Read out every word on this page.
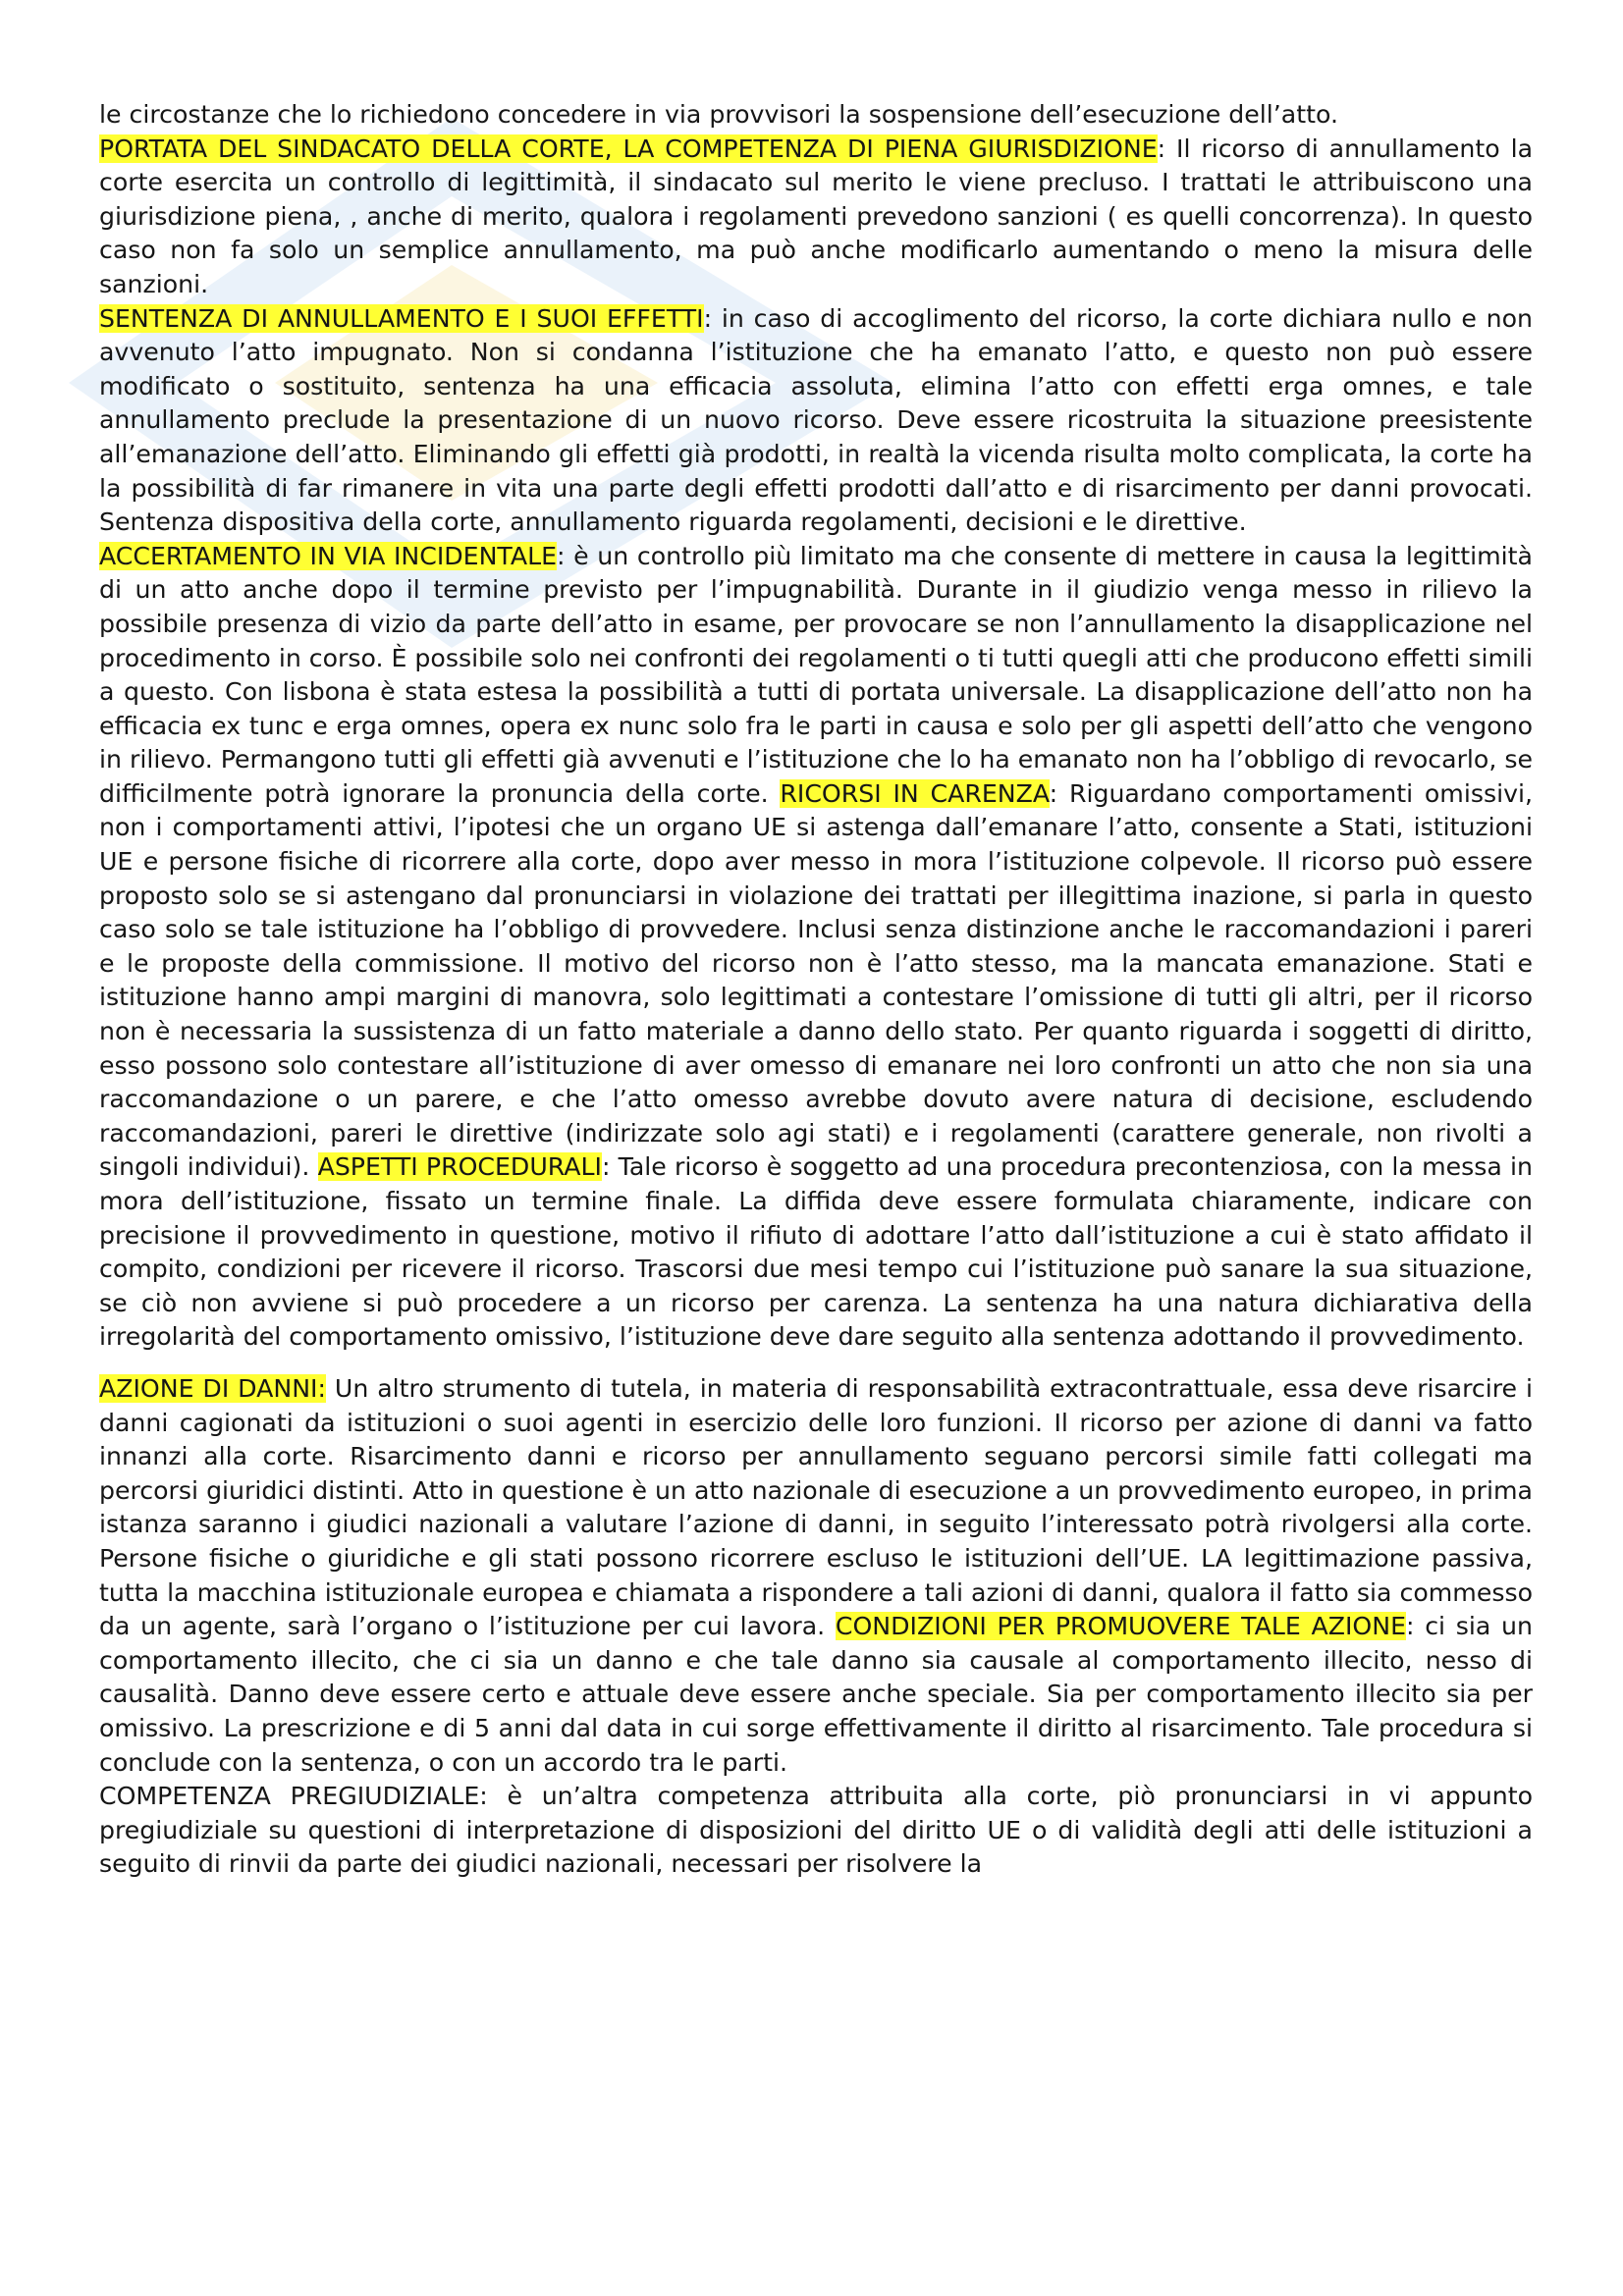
le circostanze che lo richiedono concedere in via provvisori la sospensione dell’esecuzione dell’atto.

PORTATA DEL SINDACATO DELLA CORTE, LA COMPETENZA DI PIENA GIURISDIZIONE: Il ricorso di annullamento la corte esercita un controllo di legittimità, il sindacato sul merito le viene precluso. I trattati le attribuiscono una giurisdizione piena, , anche di merito, qualora i regolamenti prevedono sanzioni ( es quelli concorrenza). In questo caso non fa solo un semplice annullamento, ma può anche modificarlo aumentando o meno la misura delle sanzioni.

SENTENZA DI ANNULLAMENTO E I SUOI EFFETTI: in caso di accoglimento del ricorso, la corte dichiara nullo e non avvenuto l’atto impugnato. Non si condanna l’istituzione che ha emanato l’atto, e questo non può essere modificato o sostituito, sentenza ha una efficacia assoluta, elimina l’atto con effetti erga omnes, e tale annullamento preclude la presentazione di un nuovo ricorso. Deve essere ricostruita la situazione preesistente all’emanazione dell’atto. Eliminando gli effetti già prodotti, in realtà la vicenda risulta molto complicata, la corte ha la possibilità di far rimanere in vita una parte degli effetti prodotti dall’atto e di risarcimento per danni provocati. Sentenza dispositiva della corte, annullamento riguarda regolamenti, decisioni e le direttive.

ACCERTAMENTO IN VIA INCIDENTALE: è un controllo più limitato ma che consente di mettere in causa la legittimità di un atto anche dopo il termine previsto per l’impugnabilità. Durante in il giudizio venga messo in rilievo la possibile presenza di vizio da parte dell’atto in esame, per provocare se non l’annullamento la disapplicazione nel procedimento in corso. È possibile solo nei confronti dei regolamenti o ti tutti quegli atti che producono effetti simili a questo. Con lisbona è stata estesa la possibilità a tutti di portata universale. La disapplicazione dell’atto non ha efficacia ex tunc e erga omnes, opera ex nunc solo fra le parti in causa e solo per gli aspetti dell’atto che vengono in rilievo. Permangono tutti gli effetti già avvenuti e l’istituzione che lo ha emanato non ha l’obbligo di revocarlo, se difficilmente potrà ignorare la pronuncia della corte. RICORSI IN CARENZA: Riguardano comportamenti omissivi, non i comportamenti attivi, l’ipotesi che un organo UE si astenga dall’emanare l’atto, consente a Stati, istituzioni UE e persone fisiche di ricorrere alla corte, dopo aver messo in mora l’istituzione colpevole. Il ricorso può essere proposto solo se si astengano dal pronunciarsi in violazione dei trattati per illegittima inazione, si parla in questo caso solo se tale istituzione ha l’obbligo di provvedere. Inclusi senza distinzione anche le raccomandazioni i pareri e le proposte della commissione. Il motivo del ricorso non è l’atto stesso, ma la mancata emanazione. Stati e istituzione hanno ampi margini di manovra, solo legittimati a contestare l’omissione di tutti gli altri, per il ricorso non è necessaria la sussistenza di un fatto materiale a danno dello stato. Per quanto riguarda i soggetti di diritto, esso possono solo contestare all’istituzione di aver omesso di emanare nei loro confronti un atto che non sia una raccomandazione o un parere, e che l’atto omesso avrebbe dovuto avere natura di decisione, escludendo raccomandazioni, pareri le direttive (indirizzate solo agi stati) e i regolamenti (carattere generale, non rivolti a singoli individui). ASPETTI PROCEDURALI: Tale ricorso è soggetto ad una procedura precontenziosa, con la messa in mora dell’istituzione, fissato un termine finale. La diffida deve essere formulata chiaramente, indicare con precisione il provvedimento in questione, motivo il rifiuto di adottare l’atto dall’istituzione a cui è stato affidato il compito, condizioni per ricevere il ricorso. Trascorsi due mesi tempo cui l’istituzione può sanare la sua situazione, se ciò non avviene si può procedere a un ricorso per carenza. La sentenza ha una natura dichiarativa della irregolarità del comportamento omissivo, l’istituzione deve dare seguito alla sentenza adottando il provvedimento.

AZIONE DI DANNI: Un altro strumento di tutela, in materia di responsabilità extracontrattuale, essa deve risarcire i danni cagionati da istituzioni o suoi agenti in esercizio delle loro funzioni. Il ricorso per azione di danni va fatto innanzi alla corte. Risarcimento danni e ricorso per annullamento seguano percorsi simile fatti collegati ma percorsi giuridici distinti. Atto in questione è un atto nazionale di esecuzione a un provvedimento europeo, in prima istanza saranno i giudici nazionali a valutare l’azione di danni, in seguito l’interessato potrà rivolgersi alla corte. Persone fisiche o giuridiche e gli stati possono ricorrere escluso le istituzioni dell’UE. LA legittimazione passiva, tutta la macchina istituzionale europea e chiamata a rispondere a tali azioni di danni, qualora il fatto sia commesso da un agente, sarà l’organo o l’istituzione per cui lavora. CONDIZIONI PER PROMUOVERE TALE AZIONE: ci sia un comportamento illecito, che ci sia un danno e che tale danno sia causale al comportamento illecito, nesso di causalità. Danno deve essere certo e attuale deve essere anche speciale. Sia per comportamento illecito sia per omissivo. La prescrizione e di 5 anni dal data in cui sorge effettivamente il diritto al risarcimento. Tale procedura si conclude con la sentenza, o con un accordo tra le parti.

COMPETENZA PREGIUDIZIALE: è un’altra competenza attribuita alla corte, piò pronunciarsi in vi appunto pregiudiziale su questioni di interpretazione di disposizioni del diritto UE o di validità degli atti delle istituzioni a seguito di rinvii da parte dei giudici nazionali, necessari per risolvere la
